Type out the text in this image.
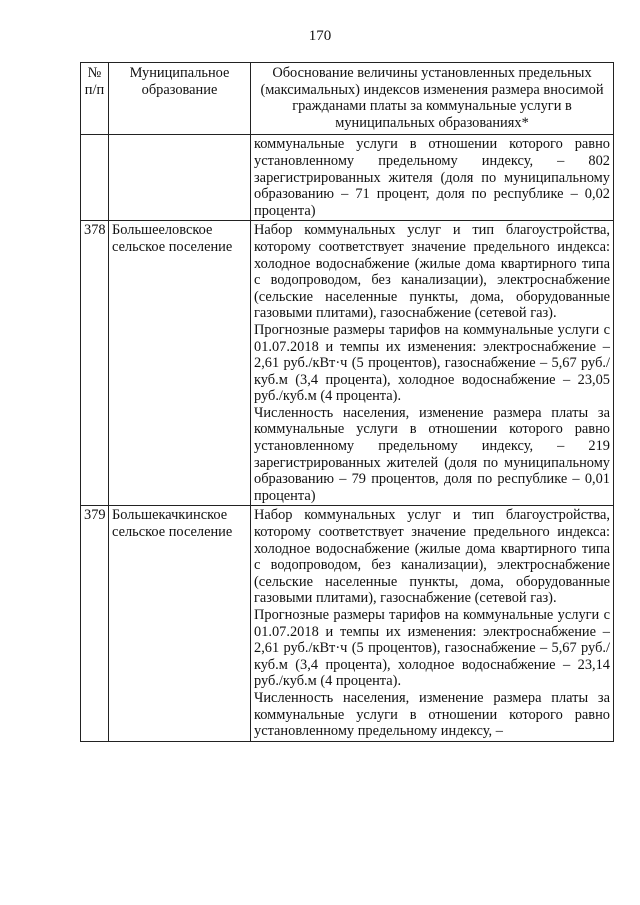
170
№ п/п	Муниципальное образование	Обоснование величины установленных предельных (максимальных) индексов изменения размера вносимой гражданами платы за коммунальные услуги в муниципальных образованиях*

		коммунальные услуги в отношении которого равно установленному предельному индексу, – 802 зарегистрированных жителя (доля по муниципальному образованию – 71 процент, доля по республике – 0,02 процента)

378	Большееловское сельское поселение	Набор коммунальных услуг и тип благоустройства, которому соответствует значение предельного индекса: холодное водоснабжение (жилые дома квартирного типа с водопроводом, без канализации), электроснабжение (сельские населенные пункты, дома, оборудованные газовыми плитами), газоснабжение (сетевой газ).

Прогнозные размеры тарифов на коммунальные услуги с 01.07.2018 и темпы их изменения: электроснабжение – 2,61 руб./кВт·ч (5 процентов), газоснабжение – 5,67 руб./куб.м (3,4 процента), холодное водоснабжение – 23,05 руб./куб.м (4 процента).

Численность населения, изменение размера платы за коммунальные услуги в отношении которого равно установленному предельному индексу, – 219 зарегистрированных жителей (доля по муниципальному образованию – 79 процентов, доля по республике – 0,01 процента)

379	Большекачкинское сельское поселение	Набор коммунальных услуг и тип благоустройства, которому соответствует значение предельного индекса: холодное водоснабжение (жилые дома квартирного типа с водопроводом, без канализации), электроснабжение (сельские населенные пункты, дома, оборудованные газовыми плитами), газоснабжение (сетевой газ).

Прогнозные размеры тарифов на коммунальные услуги с 01.07.2018 и темпы их изменения: электроснабжение – 2,61 руб./кВт·ч (5 процентов), газоснабжение – 5,67 руб./куб.м (3,4 процента), холодное водоснабжение – 23,14 руб./куб.м (4 процента).

Численность населения, изменение размера платы за коммунальные услуги в отношении которого равно установленному предельному индексу, –
